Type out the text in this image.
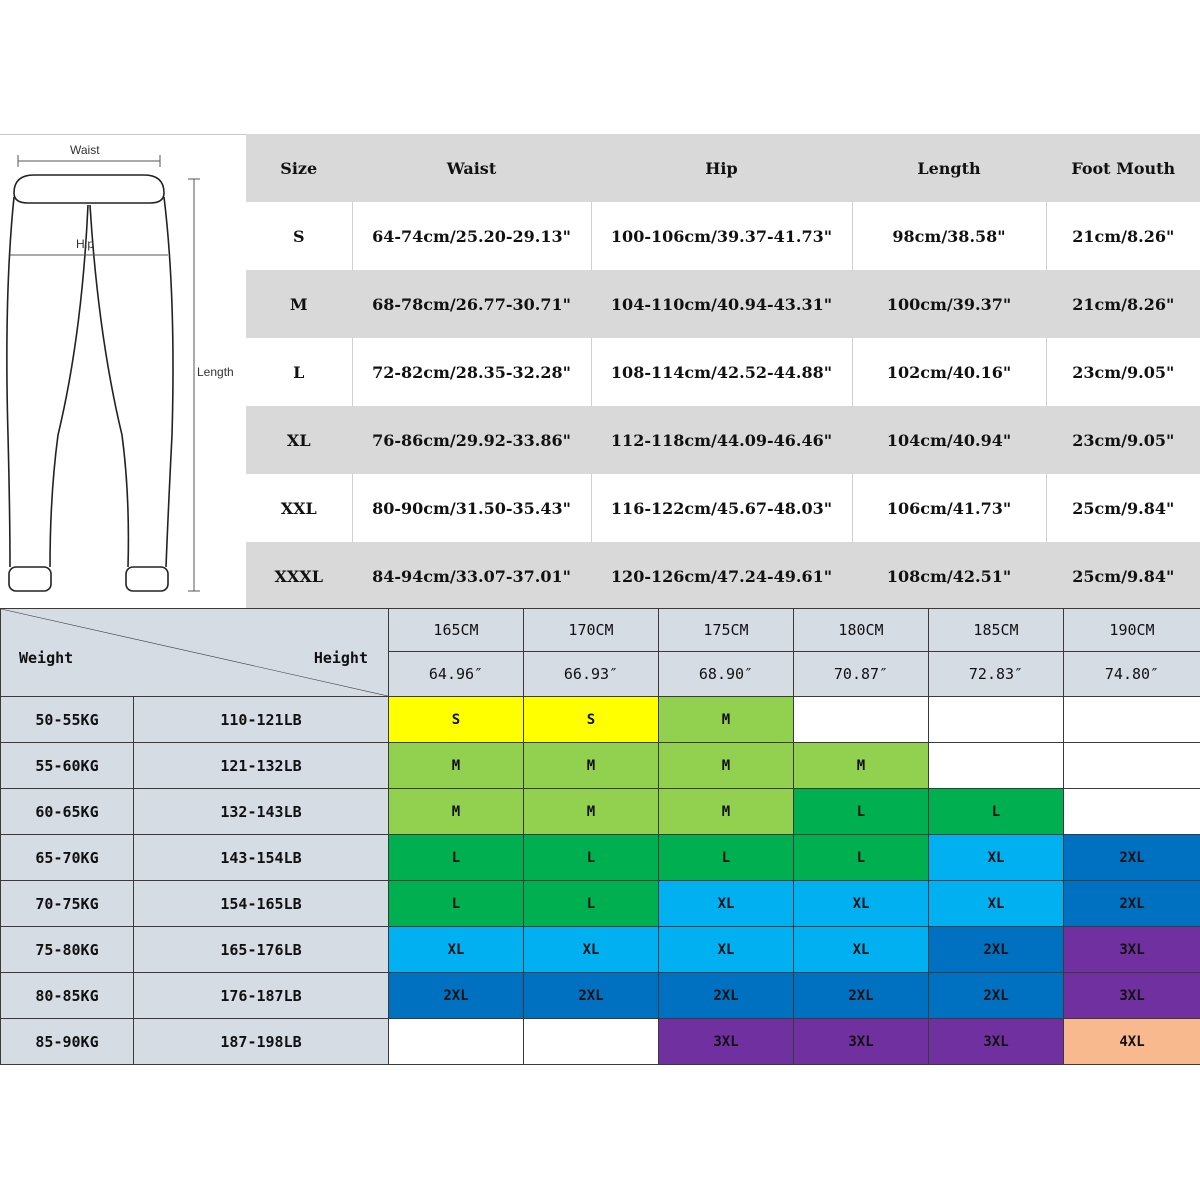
Waist
Hip
Length
Size	Waist	Hip	Length	Foot Mouth
S	64-74cm/25.20-29.13"	100-106cm/39.37-41.73"	98cm/38.58"	21cm/8.26"
M	68-78cm/26.77-30.71"	104-110cm/40.94-43.31"	100cm/39.37"	21cm/8.26"
L	72-82cm/28.35-32.28"	108-114cm/42.52-44.88"	102cm/40.16"	23cm/9.05"
XL	76-86cm/29.92-33.86"	112-118cm/44.09-46.46"	104cm/40.94"	23cm/9.05"
XXL	80-90cm/31.50-35.43"	116-122cm/45.67-48.03"	106cm/41.73"	25cm/9.84"
XXXL	84-94cm/33.07-37.01"	120-126cm/47.24-49.61"	108cm/42.51"	25cm/9.84"
Weight Height		165CM	170CM	175CM	180CM	185CM	190CM
		64.96″	66.93″	68.90″	70.87″	72.83″	74.80″
50-55KG	110-121LB	S	S	M			
55-60KG	121-132LB	M	M	M	M		
60-65KG	132-143LB	M	M	M	L	L	
65-70KG	143-154LB	L	L	L	L	XL	2XL
70-75KG	154-165LB	L	L	XL	XL	XL	2XL
75-80KG	165-176LB	XL	XL	XL	XL	2XL	3XL
80-85KG	176-187LB	2XL	2XL	2XL	2XL	2XL	3XL
85-90KG	187-198LB			3XL	3XL	3XL	4XL
